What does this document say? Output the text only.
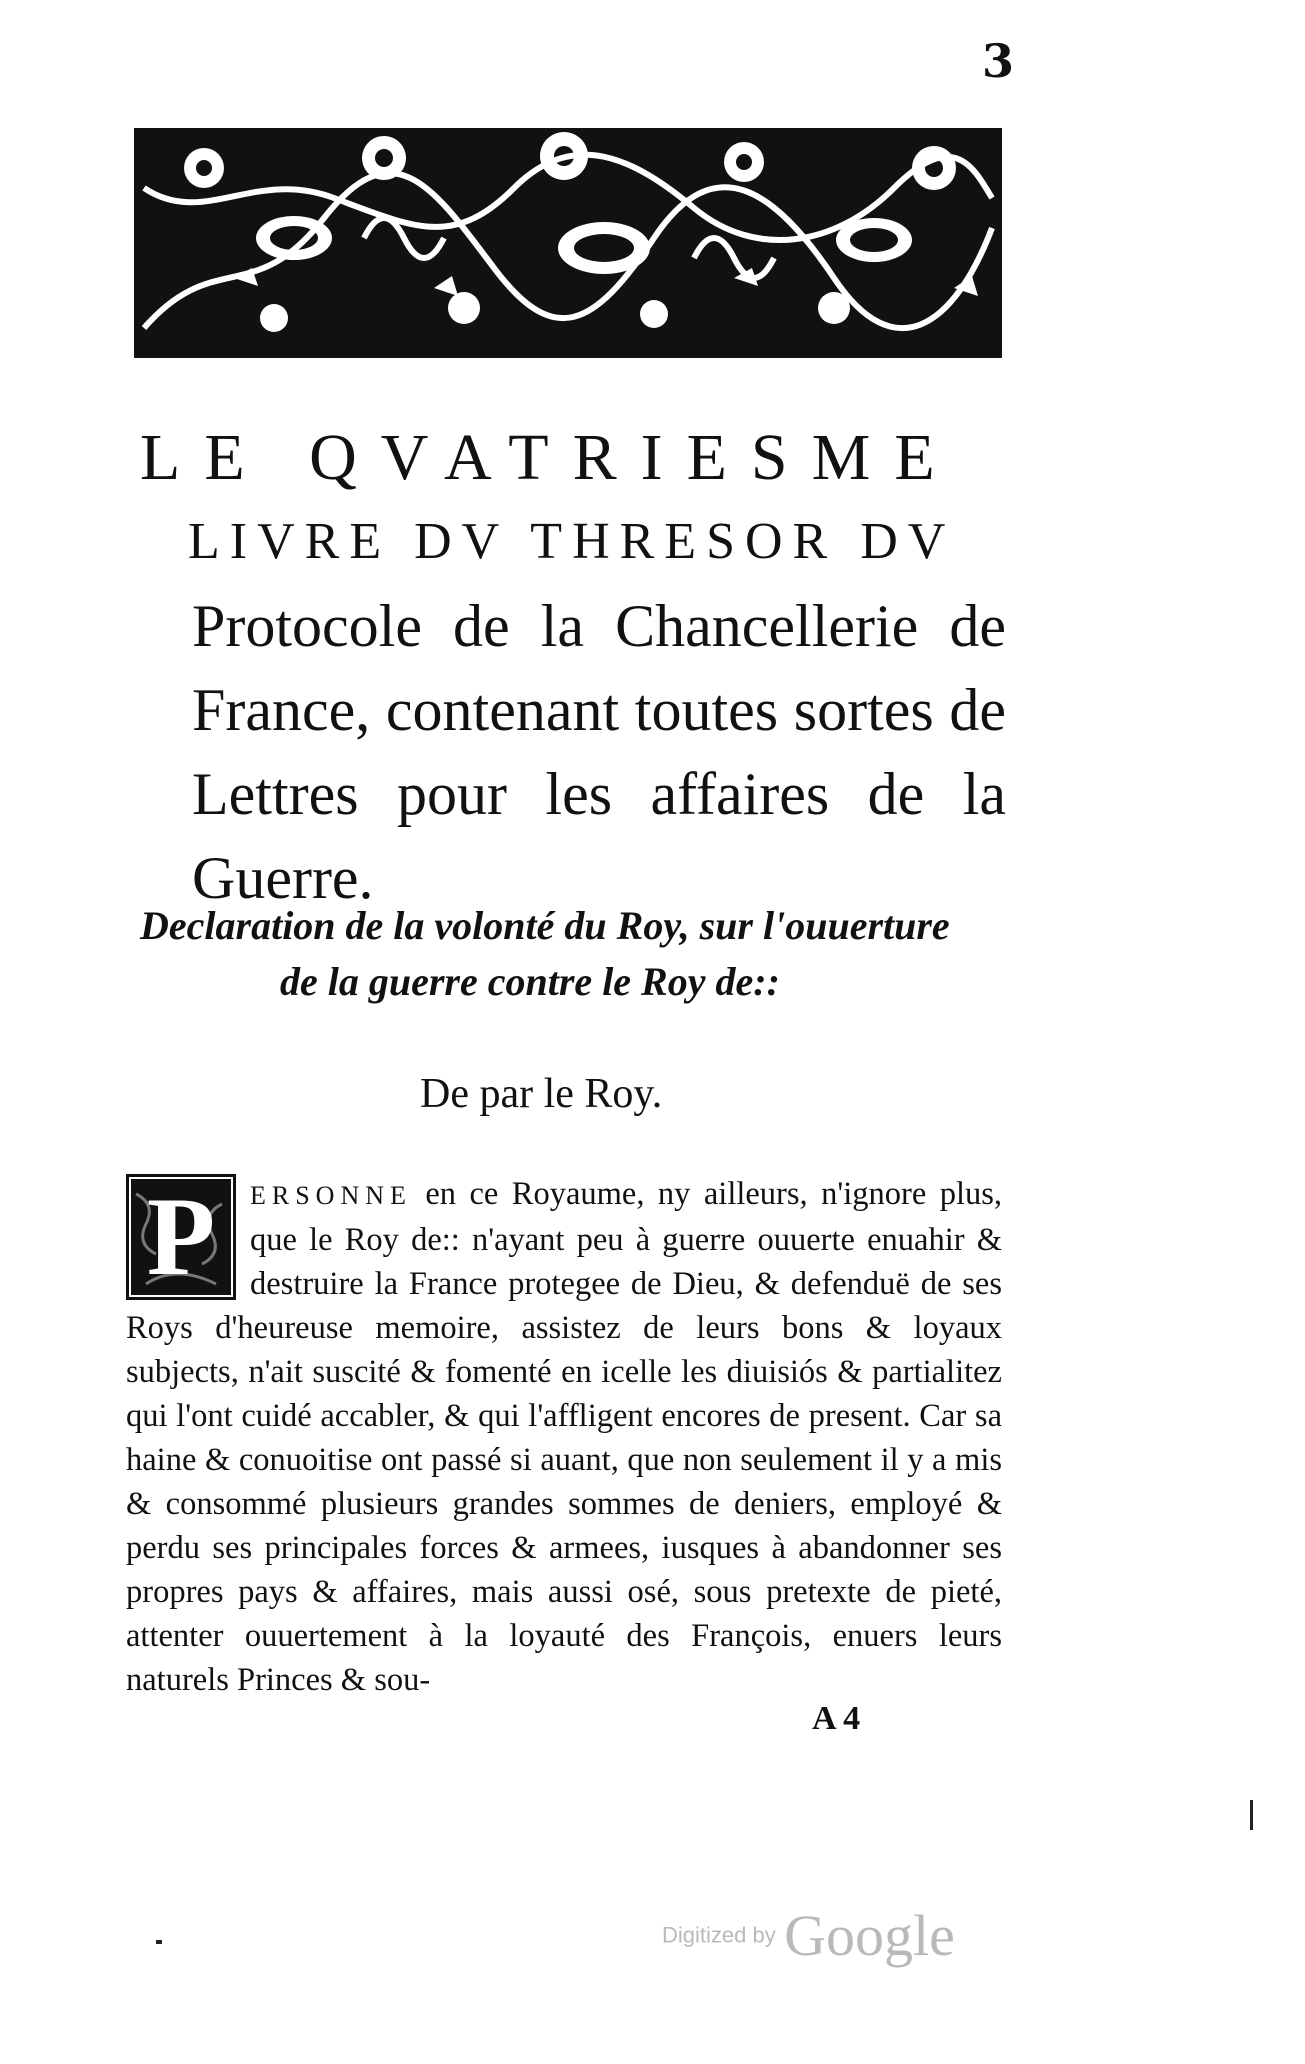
3
LE QVATRIESME
LIVRE DV THRESOR DV
Protocole de la Chancellerie de France, contenant toutes sortes de Lettres pour les affaires de la Guerre.
Declaration de la volonté du Roy, sur l'ouuerture
de la guerre contre le Roy de::
De par le Roy.
P	ERSONNE en ce Royaume, ny ailleurs, n'ignore plus, que le Roy de:: n'ayant peu à guerre ouuerte enuahir & destruire la France protegee de Dieu, & defenduë de ses Roys d'heureuse memoire, assistez de leurs bons & loyaux subjects, n'ait suscité & fomenté en icelle les diuisiós & partialitez qui l'ont cuidé accabler, & qui l'affligent encores de present. Car sa haine & conuoitise ont passé si auant, que non seulement il y a mis & consommé plusieurs grandes sommes de deniers, employé & perdu ses principales forces & armees, iusques à abandonner ses propres pays & affaires, mais aussi osé, sous pretexte de pieté, attenter ouuertement à la loyauté des François, enuers leurs naturels Princes & sou-
A 4
Digitized by Google
